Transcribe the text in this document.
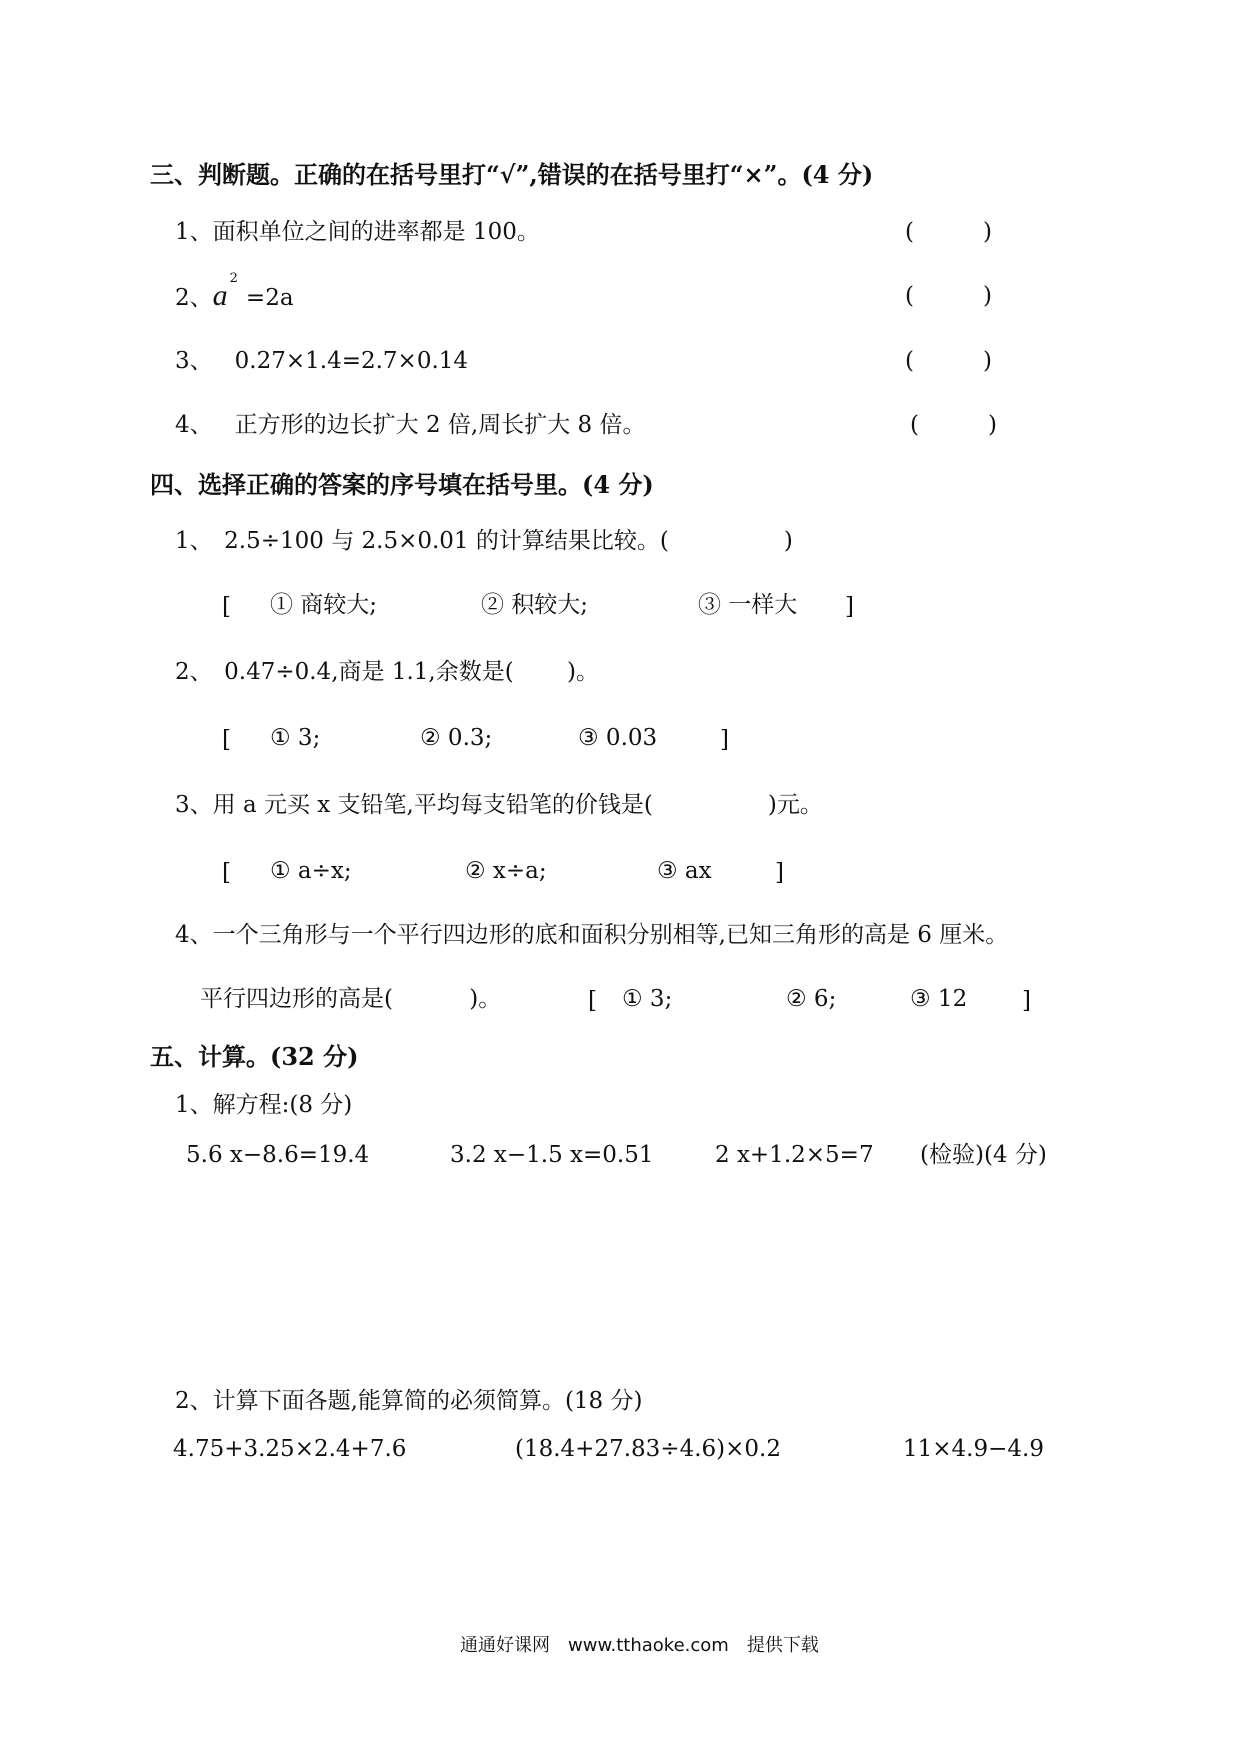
三、判断题。正确的在括号里打“√”,错误的在括号里打“×”。(4 分)
1、面积单位之间的进率都是 100。	(　　　)
2、$a^2=2a$	(　　　)
3、 0.27×1.4=2.7×0.14	(　　　)
4、 正方形的边长扩大 2 倍,周长扩大 8 倍。	(　　　)
四、选择正确的答案的序号填在括号里。(4 分)
1、　2.5÷100 与 2.5×0.01 的计算结果比较。(　　　　　)
[ ① 商较大;	② 积较大;	③ 一样大 ]
2、　0.47÷0.4,商是 1.1,余数是(　　 )。
[ ① 3;	② 0.3;	③ 0.03	]
3、用 a 元买 x 支铅笔,平均每支铅笔的价钱是(　　　　　)元。
[ ① a÷x;	② x÷a;	③ ax	]
4、一个三角形与一个平行四边形的底和面积分别相等,已知三角形的高是 6 厘米。
平行四边形的高是(　　　 )。	[ ① 3;	② 6;	③ 12 ]
五、计算。(32 分)
1、解方程:(8 分)
5.6 x−8.6=19.4	3.2 x−1.5 x=0.51	2 x+1.2×5=7 (检验)(4 分)
2、计算下面各题,能算简的必须简算。(18 分)
4.75+3.25×2.4+7.6	(18.4+27.83÷4.6)×0.2	11×4.9−4.9
通通好课网　www.tthaoke.com　提供下载
